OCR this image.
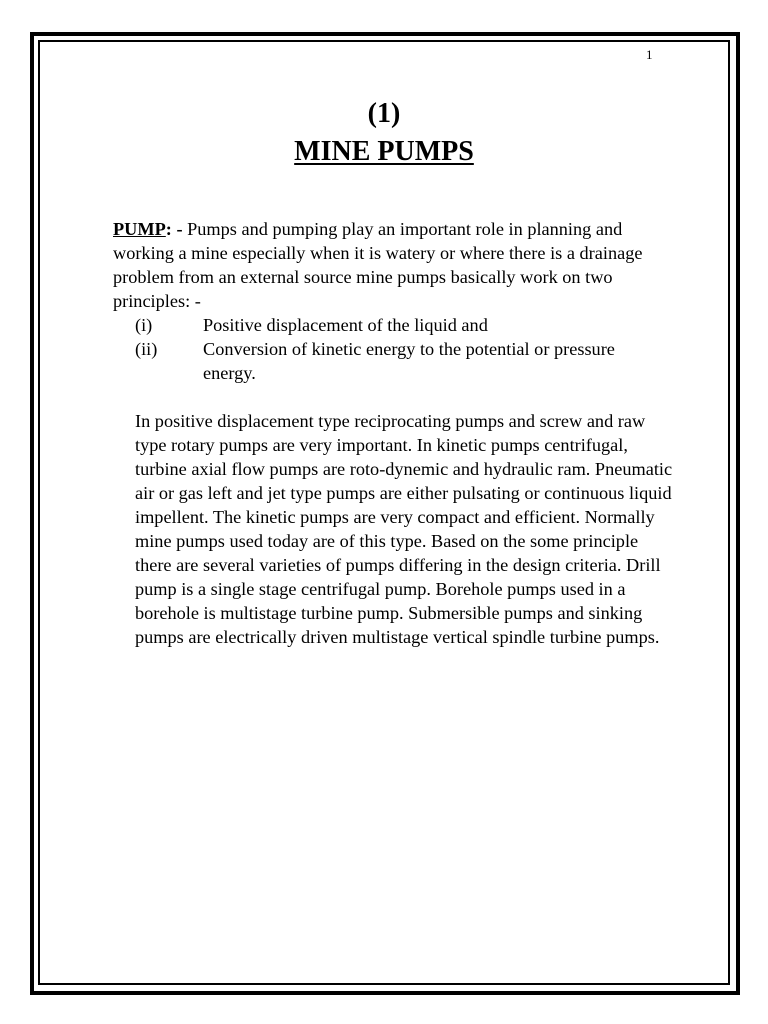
1
(1)
MINE PUMPS

PUMP: - Pumps and pumping play an important role in planning and working a mine especially when it is watery or where there is a drainage problem from an external source mine pumps basically work on two principles: -

(i)	Positive displacement of the liquid and
(ii)	Conversion of kinetic energy to the potential or pressure energy.

In positive displacement type reciprocating pumps and screw and raw type rotary pumps are very important. In kinetic pumps centrifugal, turbine axial flow pumps are roto-dynemic and hydraulic ram. Pneumatic air or gas left and jet type pumps are either pulsating or continuous liquid impellent. The kinetic pumps are very compact and efficient. Normally mine pumps used today are of this type. Based on the some principle there are several varieties of pumps differing in the design criteria. Drill pump is a single stage centrifugal pump. Borehole pumps used in a borehole is multistage turbine pump. Submersible pumps and sinking pumps are electrically driven multistage vertical spindle turbine pumps.
